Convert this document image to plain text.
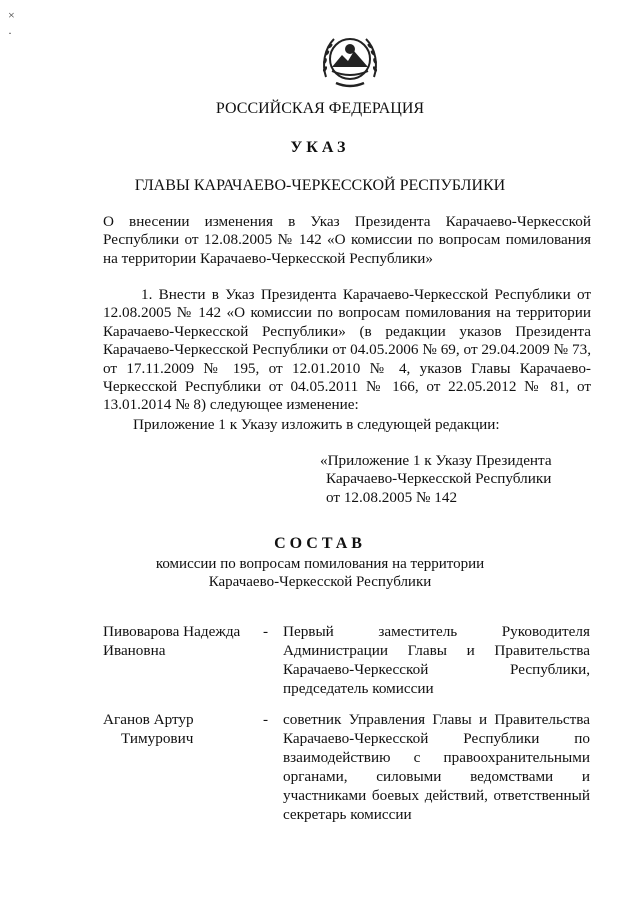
×
·
РОССИЙСКАЯ ФЕДЕРАЦИЯ
УКАЗ
ГЛАВЫ КАРАЧАЕВО-ЧЕРКЕССКОЙ РЕСПУБЛИКИ
О внесении изменения в Указ Президента Карачаево-Черкесской Республики от 12.08.2005 № 142 «О комиссии по вопросам помилования на территории Карачаево-Черкесской Республики»
1. Внести в Указ Президента Карачаево-Черкесской Республики от 12.08.2005 № 142 «О комиссии по вопросам помилования на территории Карачаево-Черкесской Республики» (в редакции указов Президента Карачаево-Черкесской Республики от 04.05.2006 № 69, от 29.04.2009 № 73, от 17.11.2009 № 195, от 12.01.2010 № 4, указов Главы Карачаево-Черкесской Республики от 04.05.2011 № 166, от 22.05.2012 № 81, от 13.01.2014 № 8) следующее изменение:
Приложение 1 к Указу изложить в следующей редакции:
«Приложение 1 к Указу Президента
Карачаево-Черкесской Республики
от 12.08.2005 № 142
СОСТАВ
комиссии по вопросам помилования на территории
Карачаево-Черкесской Республики
Пивоварова Надежда
Ивановна
- Первый заместитель Руководителя Администрации Главы и Правительства Карачаево-Черкесской Республики, председатель комиссии
Аганов Артур
Тимурович
- советник Управления Главы и Правительства Карачаево-Черкесской Республики по взаимодействию с правоохранительными органами, силовыми ведомствами и участниками боевых действий, ответственный секретарь комиссии
